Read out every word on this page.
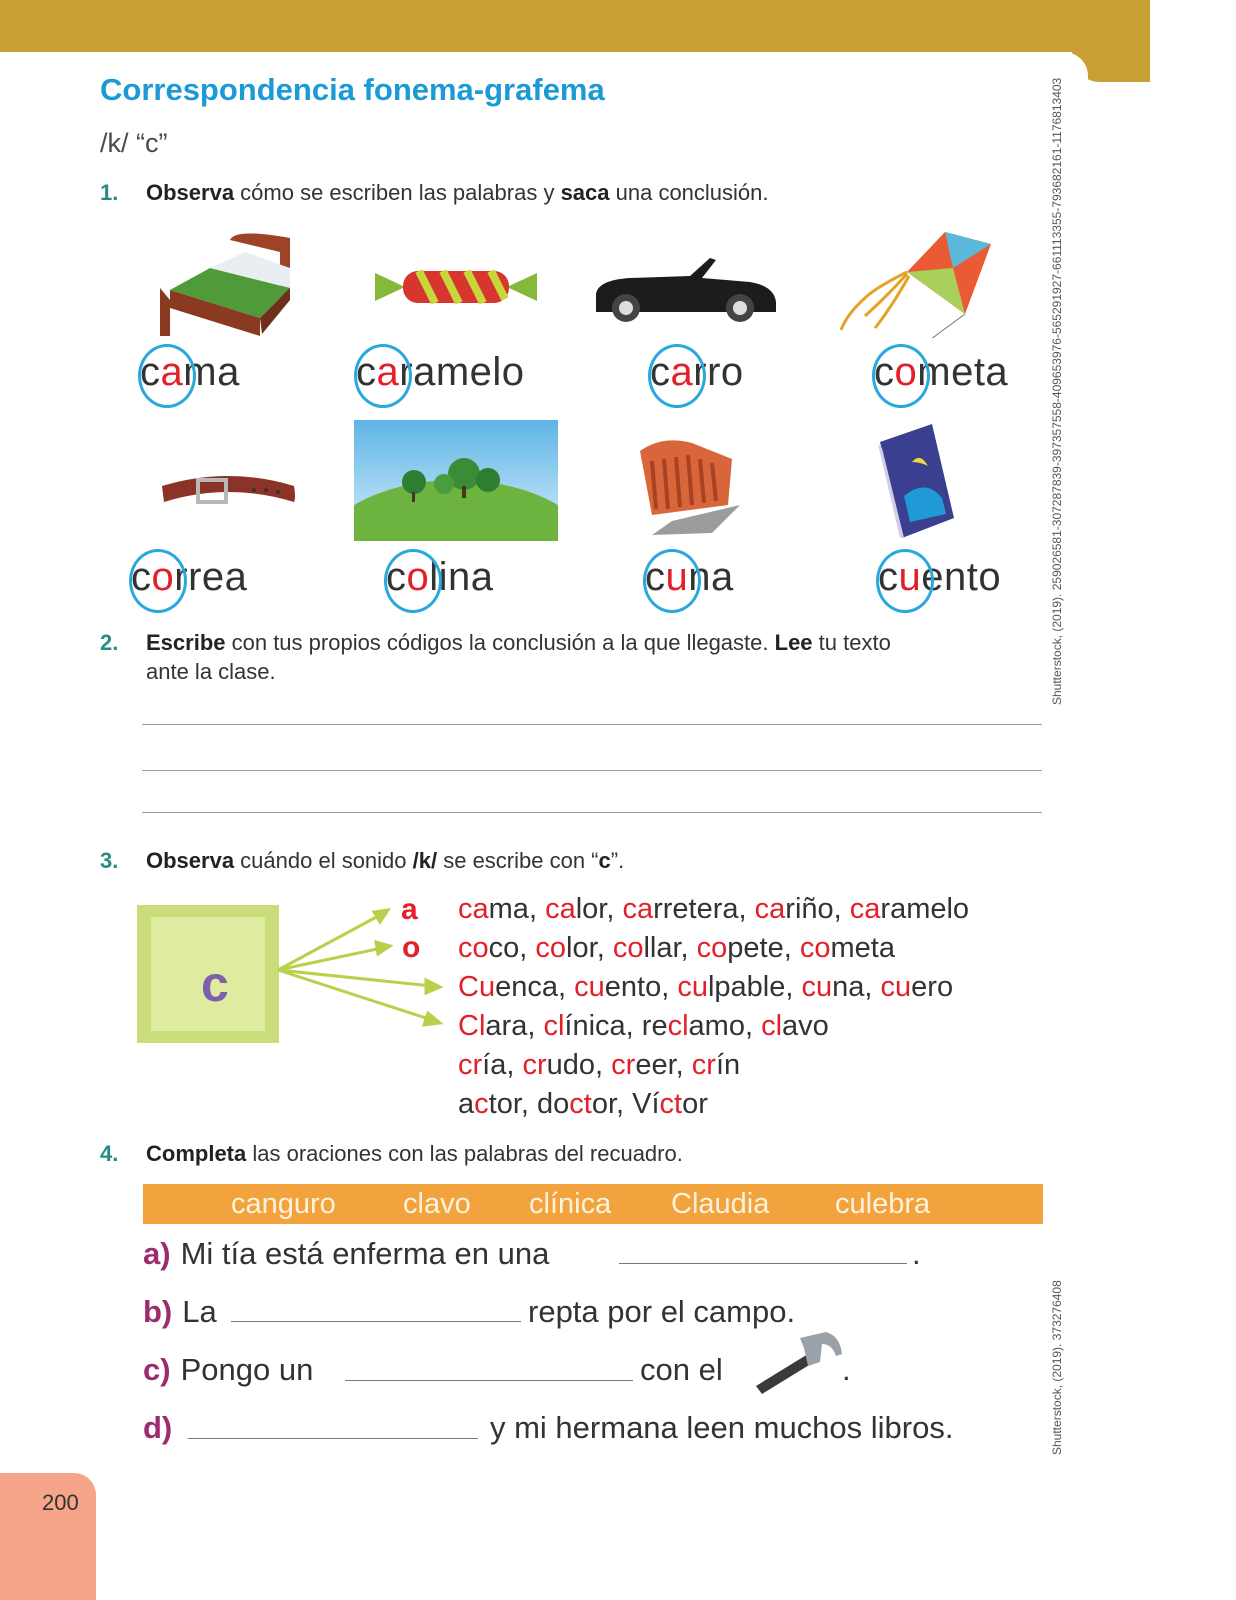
Correspondencia fonema-grafema
/k/ “c”
1. Observa cómo se escriben las palabras y saca una conclusión.
cama	caramelo	carro	cometa
correa	colina	cuna	cuento
2. Escribe con tus propios códigos la conclusión a la que llegaste. Lee tu texto
ante la clase.
3. Observa cuándo el sonido /k/ se escribe con “c”.
c
a
o
cama, calor, carretera, cariño, caramelo
coco, color, collar, copete, cometa
Cuenca, cuento, culpable, cuna, cuero
Clara, clínica, reclamo, clavo
cría, crudo, creer, crín
actor, doctor, Víctor
4. Completa las oraciones con las palabras del recuadro.
canguro	clavo	clínica	Claudia	culebra
a) Mi tía está enferma en una	.
b) La	repta por el campo.
c) Pongo un	con el	.
d)	y mi hermana leen muchos libros.
Shutterstock, (2019). 259026581-307287839-397357558-409653976-565291927-661113355-793682161-1176813403
Shutterstock, (2019). 373276408
200
